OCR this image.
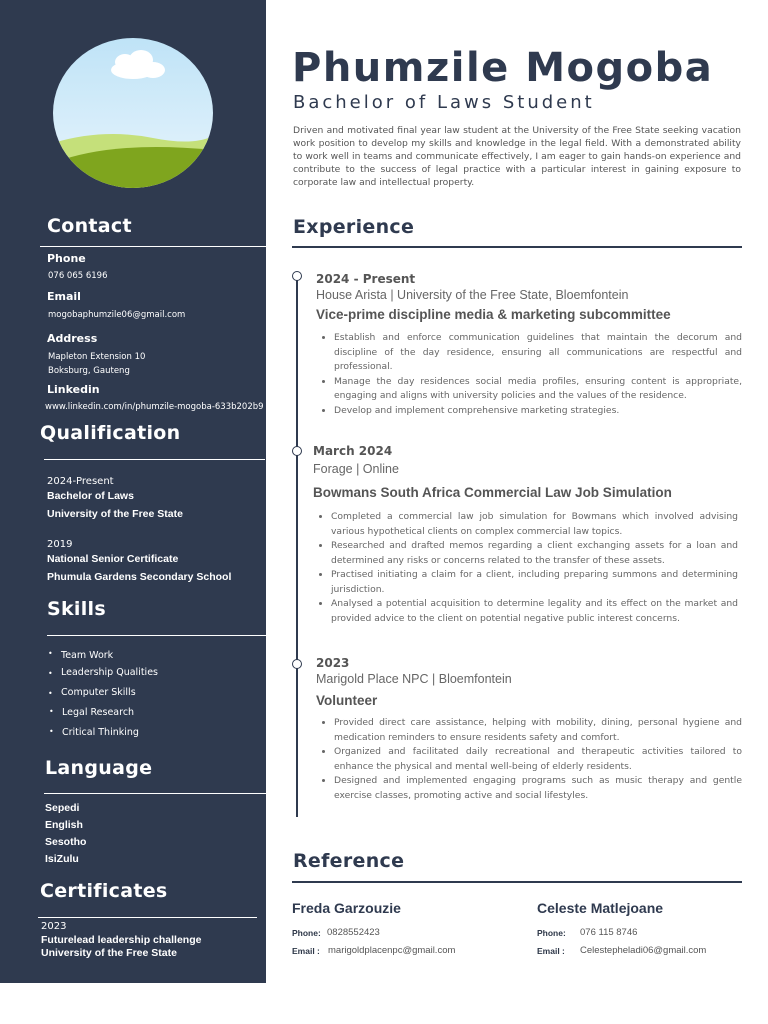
Contact
Phone
076 065 6196
Email
mogobaphumzile06@gmail.com
Address
Mapleton Extension 10
Boksburg, Gauteng
Linkedin
www.linkedin.com/in/phumzile-mogoba-633b202b9
Qualification
2024-Present
Bachelor of Laws
University of the Free State
2019
National Senior Certificate
Phumula Gardens Secondary School
Skills
• Team Work
• Leadership Qualities
• Computer Skills
• Legal Research
• Critical Thinking
Language
Sepedi
English
Sesotho
IsiZulu
Certificates
2023
Futurelead leadership challenge
University of the Free State
Phumzile Mogoba
Bachelor of Laws Student
Driven and motivated final year law student at the University of the Free State seeking vacation work position to develop my skills and knowledge in the legal field. With a demonstrated ability to work well in teams and communicate effectively, I am eager to gain hands-on experience and contribute to the success of legal practice with a particular interest in gaining exposure to corporate law and intellectual property.
Experience
2024 - Present
House Arista | University of the Free State, Bloemfontein
Vice-prime discipline media & marketing subcommittee
• Establish and enforce communication guidelines that maintain the decorum and discipline of the day residence, ensuring all communications are respectful and professional.
• Manage the day residences social media profiles, ensuring content is appropriate, engaging and aligns with university policies and the values of the residence.
• Develop and implement comprehensive marketing strategies.
March 2024
Forage | Online
Bowmans South Africa Commercial Law Job Simulation
• Completed a commercial law job simulation for Bowmans which involved advising various hypothetical clients on complex commercial law topics.
• Researched and drafted memos regarding a client exchanging assets for a loan and determined any risks or concerns related to the transfer of these assets.
• Practised initiating a claim for a client, including preparing summons and determining jurisdiction.
• Analysed a potential acquisition to determine legality and its effect on the market and provided advice to the client on potential negative public interest concerns.
2023
Marigold Place NPC | Bloemfontein
Volunteer
• Provided direct care assistance, helping with mobility, dining, personal hygiene and medication reminders to ensure residents safety and comfort.
• Organized and facilitated daily recreational and therapeutic activities tailored to enhance the physical and mental well-being of elderly residents.
• Designed and implemented engaging programs such as music therapy and gentle exercise classes, promoting active and social lifestyles.
Reference
Freda Garzouzie
Phone: 0828552423
Email : marigoldplacenpc@gmail.com
Celeste Matlejoane
Phone: 076 115 8746
Email : Celestepheladi06@gmail.com
